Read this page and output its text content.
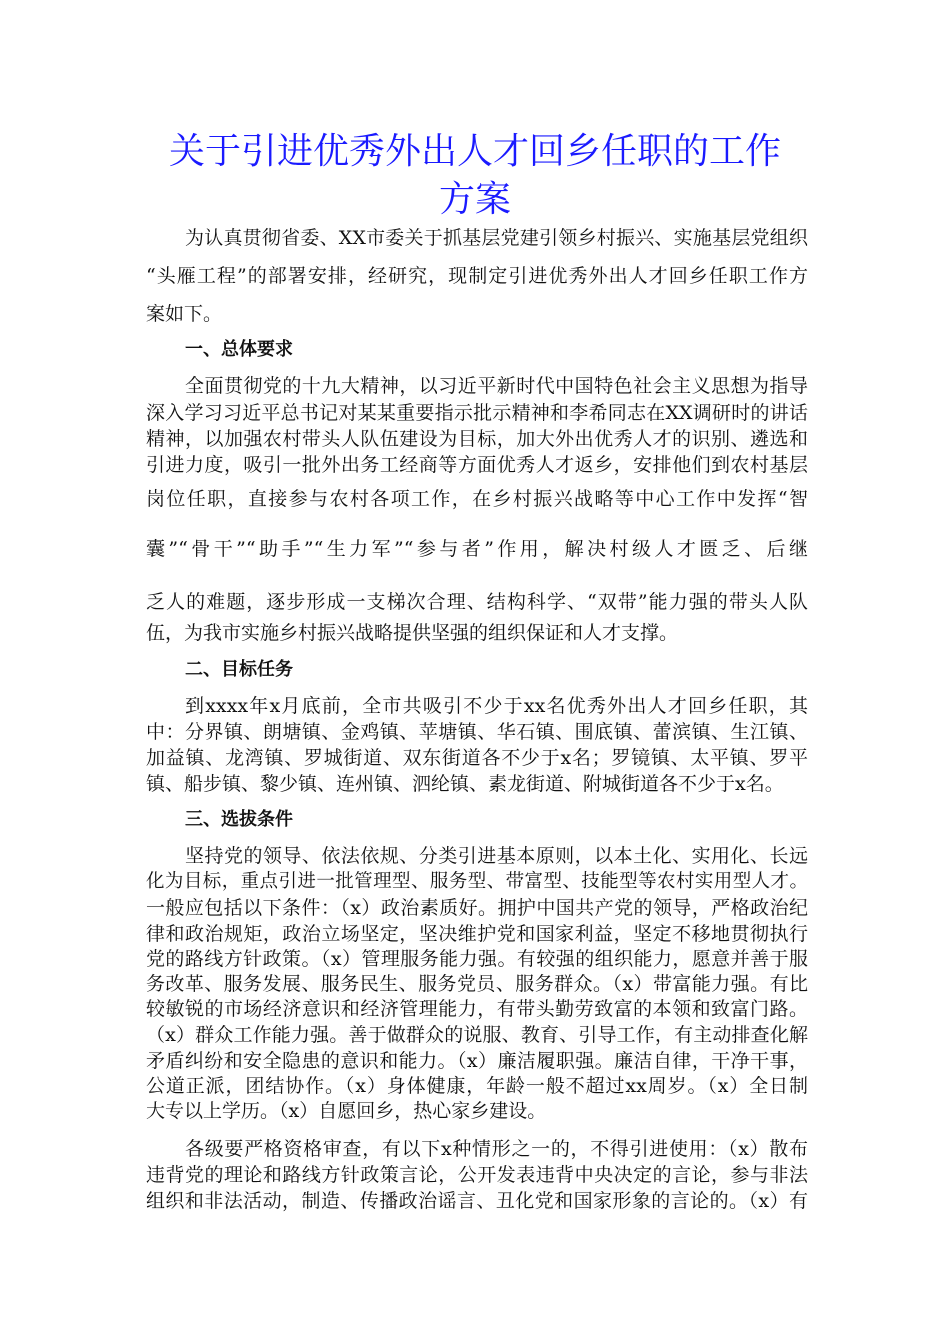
关于引进优秀外出人才回乡任职的工作
方案
为认真贯彻省委、XX市委关于抓基层党建引领乡村振兴、实施基层党组织
“头雁工程”的部署安排，经研究，现制定引进优秀外出人才回乡任职工作方
案如下。
一、总体要求
全面贯彻党的十九大精神，以习近平新时代中国特色社会主义思想为指导
深入学习习近平总书记对某某重要指示批示精神和李希同志在XX调研时的讲话
精神，以加强农村带头人队伍建设为目标，加大外出优秀人才的识别、遴选和
引进力度，吸引一批外出务工经商等方面优秀人才返乡，安排他们到农村基层
岗位任职，直接参与农村各项工作，在乡村振兴战略等中心工作中发挥“智
囊”“骨干”“助手”“生力军”“参与者”作用，解决村级人才匮乏、后继
乏人的难题，逐步形成一支梯次合理、结构科学、“双带”能力强的带头人队
伍，为我市实施乡村振兴战略提供坚强的组织保证和人才支撑。
二、目标任务
到xxxx年x月底前，全市共吸引不少于xx名优秀外出人才回乡任职，其
中：分界镇、朗塘镇、金鸡镇、苹塘镇、华石镇、围底镇、蕾滨镇、生江镇、
加益镇、龙湾镇、罗城街道、双东街道各不少于x名；罗镜镇、太平镇、罗平
镇、船步镇、黎少镇、连州镇、泗纶镇、素龙街道、附城街道各不少于x名。
三、选拔条件
坚持党的领导、依法依规、分类引进基本原则，以本土化、实用化、长远
化为目标，重点引进一批管理型、服务型、带富型、技能型等农村实用型人才。
一般应包括以下条件：（x）政治素质好。拥护中国共产党的领导，严格政治纪
律和政治规矩，政治立场坚定，坚决维护党和国家利益，坚定不移地贯彻执行
党的路线方针政策。（x）管理服务能力强。有较强的组织能力，愿意并善于服
务改革、服务发展、服务民生、服务党员、服务群众。（x）带富能力强。有比
较敏锐的市场经济意识和经济管理能力，有带头勤劳致富的本领和致富门路。
（x）群众工作能力强。善于做群众的说服、教育、引导工作，有主动排查化解
矛盾纠纷和安全隐患的意识和能力。（x）廉洁履职强。廉洁自律，干净干事，
公道正派，团结协作。（x）身体健康，年龄一般不超过xx周岁。（x）全日制
大专以上学历。（x）自愿回乡，热心家乡建设。
各级要严格资格审查，有以下x种情形之一的，不得引进使用：（x）散布
违背党的理论和路线方针政策言论，公开发表违背中央决定的言论，参与非法
组织和非法活动，制造、传播政治谣言、丑化党和国家形象的言论的。（x）有
